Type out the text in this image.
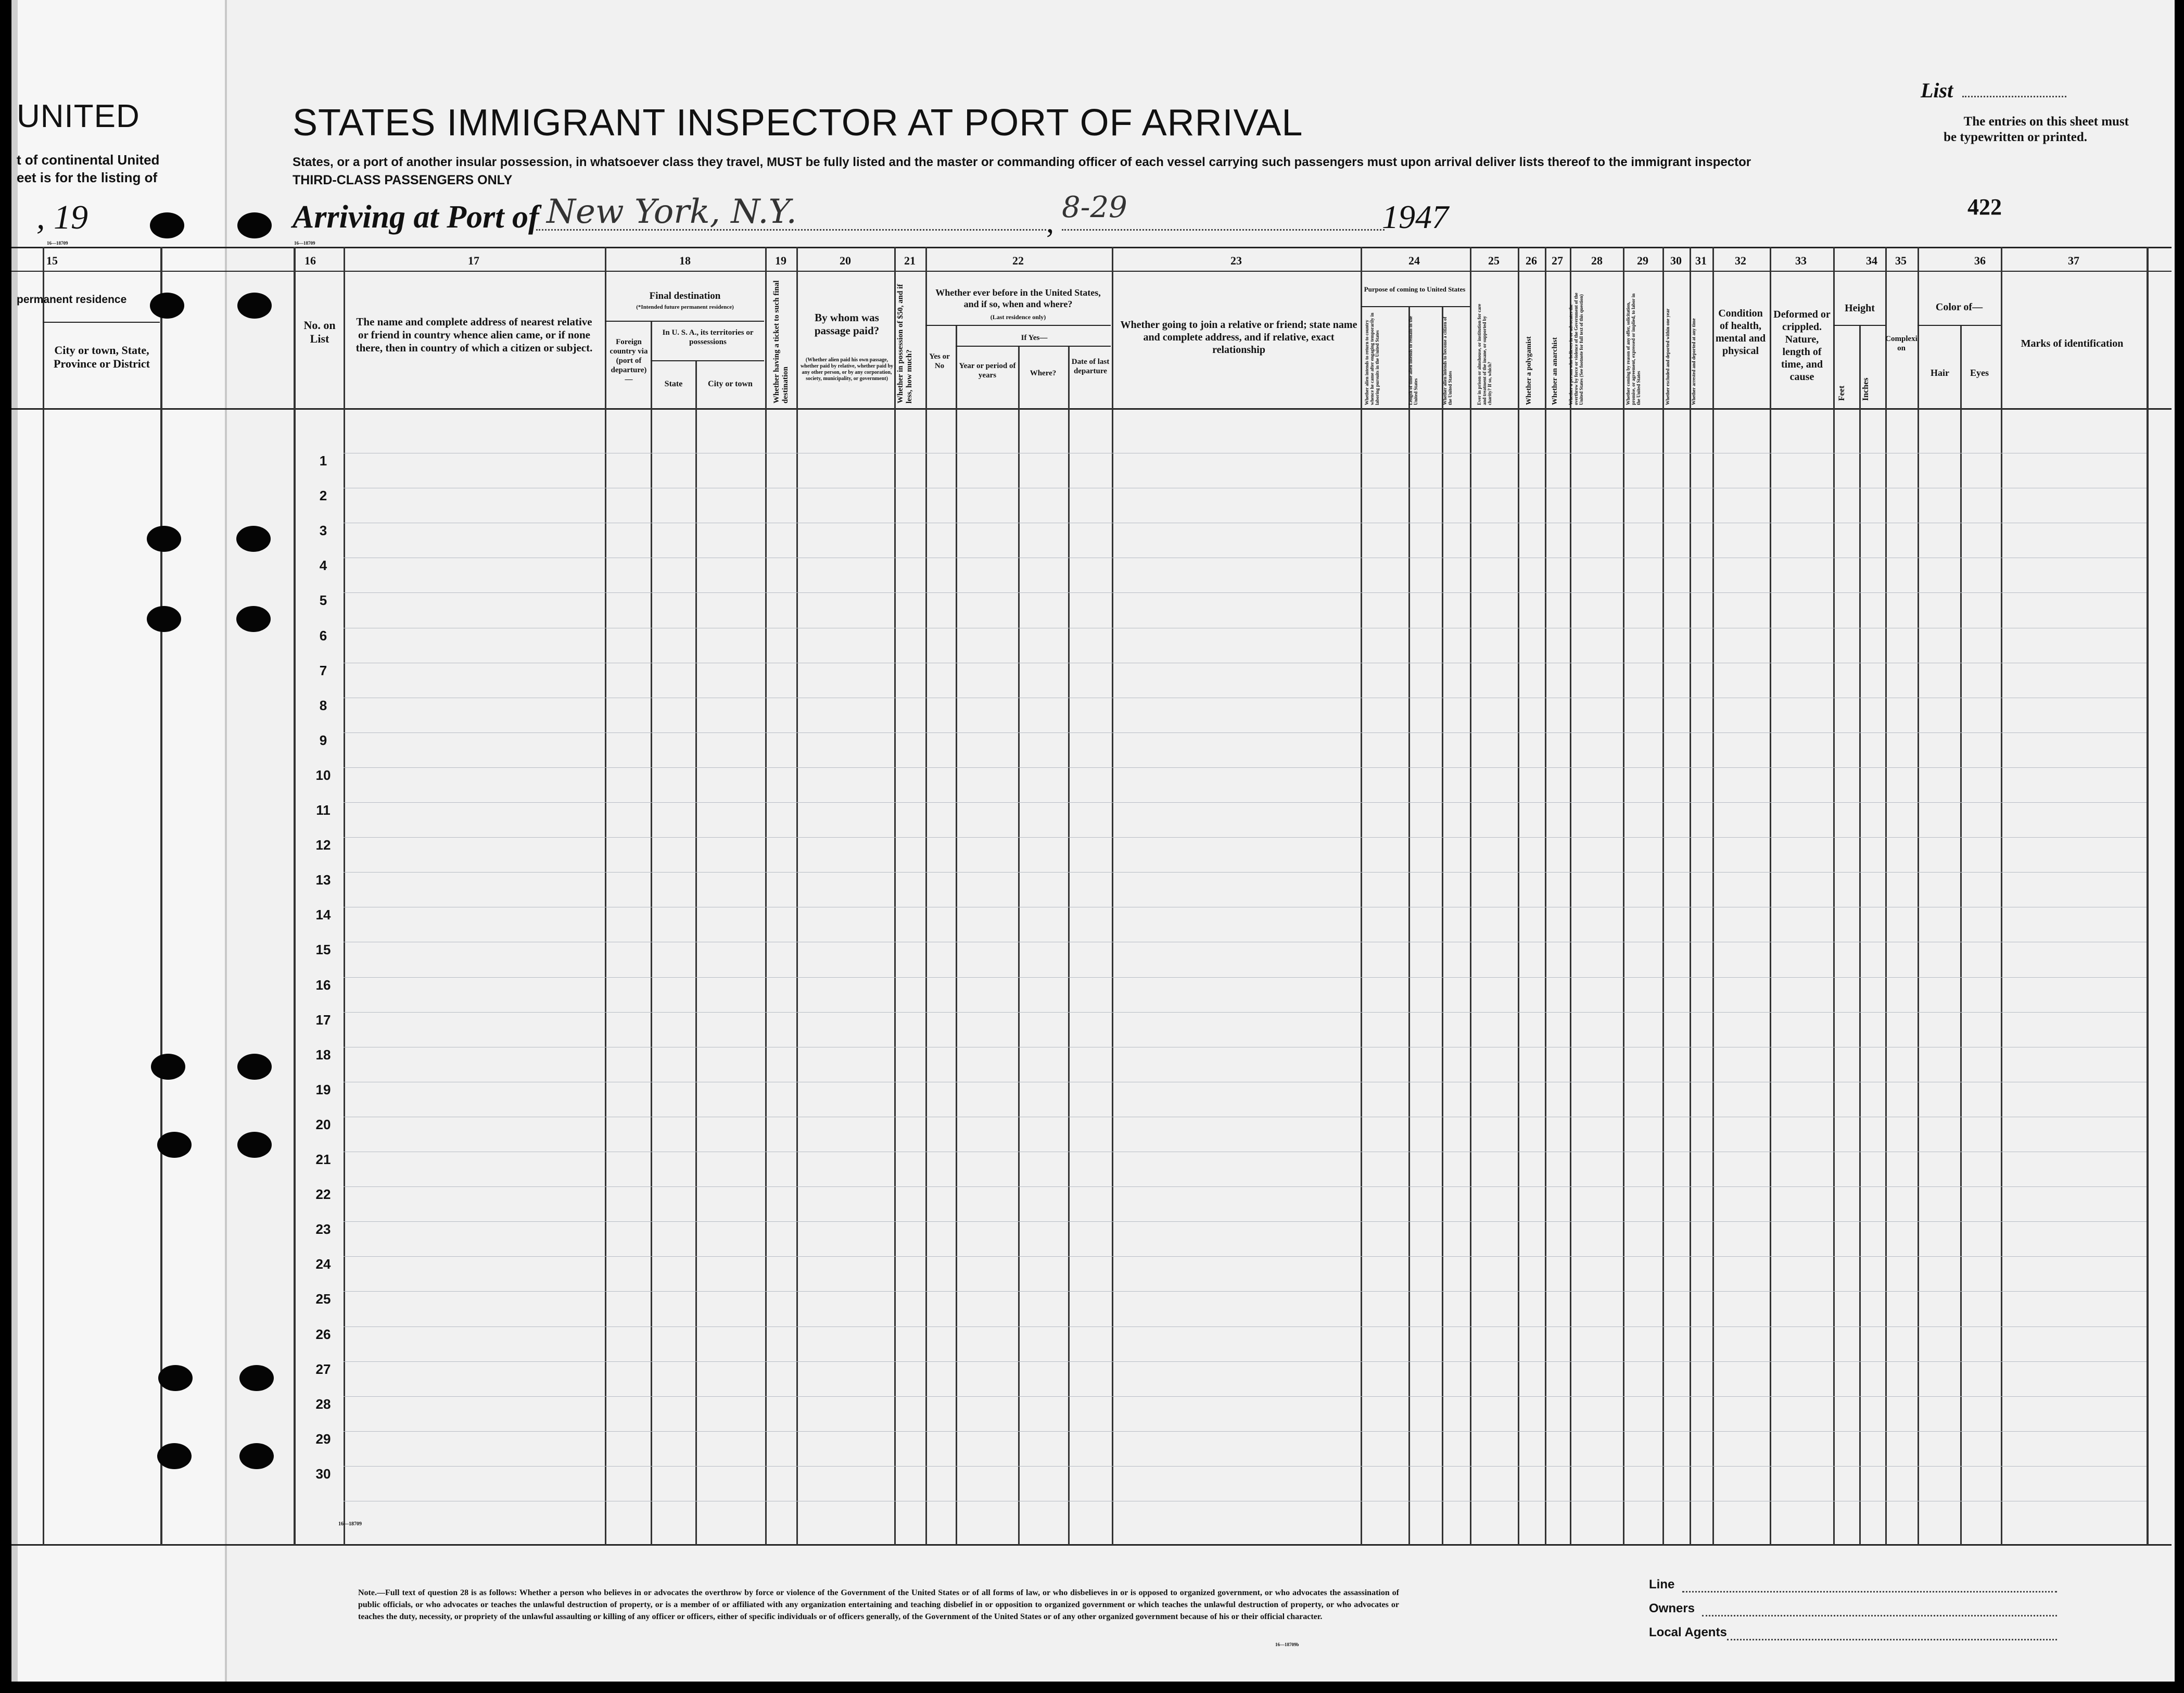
UNITED	STATES IMMIGRANT INSPECTOR AT PORT OF ARRIVAL
t of continental United
eet is for the listing of
States, or a port of another insular possession, in whatsoever class they travel, MUST be fully listed and the master or commanding officer of each vessel carrying such passengers must upon arrival deliver lists thereof to the immigrant inspector
THIRD-CLASS PASSENGERS ONLY
List
The entries on this sheet must
be typewritten or printed.
422
, 19	Arriving at Port of New York, N.Y.	, 8-29	1947
16—18709	16—18709
15	16	17	18	19	20	21	22	23	24	25	26	27	28	29	30	31	32	33	34	35	36	37
1
2
3
4
5
6
7
8
9
10
11
12
13
14
15
16
17
18
19
20
21
22
23
24
25
26
27
28
29
30
permanent residence
City or town, State, Province or District
No. on List
The name and complete address of nearest relative or friend in country whence alien came, or if none there, then in country of which a citizen or subject.
Final destination
(*Intended future permanent residence)
Foreign country via (port of departure)—
In U. S. A., its territories or possessions
State	City or town	Whether having a ticket to such final destination
By whom was passage paid?
(Whether alien paid his own passage, whether paid by relative, whether paid by any other person, or by any corporation, society, municipality, or government)	Whether in possession of $50, and if less, how much?
Whether ever before in the United States, and if so, when and where?
(Last residence only)
Yes or No
If Yes—
Year or period of years	Where?
Date of last departure
Whether going to join a relative or friend; state name and complete address, and if relative, exact relationship
Purpose of coming to United States
Whether alien intends to return to country whence he came after engaging temporarily in laboring pursuits in the United States	Length of time alien intends to remain in the United States	Whether alien intends to become a citizen of the United States	Ever in prison or almshouse, or institution for care and treatment of the insane, or supported by charity? If so, which?	Whether a polygamist	Whether an anarchist Whether a person who believes in or advocates the overthrow by force or violence of the Government of the United States (See footnote for full text of this question)	Whether coming by reason of any offer, solicitation, promise, or agreement, expressed or implied, to labor in the United States	Whether excluded and deported within one year	Whether arrested and deported at any time
Condition of health, mental and physical
Deformed or crippled. Nature, length of time, and cause
Height
Feet Inches
Complexion
Color of—
Hair	Eyes
Marks of identification
16—18709
Note.—Full text of question 28 is as follows: Whether a person who believes in or advocates the overthrow by force or violence of the Government of the United States or of all forms of law, or who disbelieves in or is opposed to organized government, or who advocates the assassination of public officials, or who advocates or teaches the unlawful destruction of property, or is a member of or affiliated with any organization entertaining and teaching disbelief in or opposition to organized government or which teaches the unlawful destruction of property, or who advocates or teaches the duty, necessity, or propriety of the unlawful assaulting or killing of any officer or officers, either of specific individuals or of officers generally, of the Government of the United States or of any other organized government because of his or their official character.
16—18709b
Line
Owners
Local Agents
